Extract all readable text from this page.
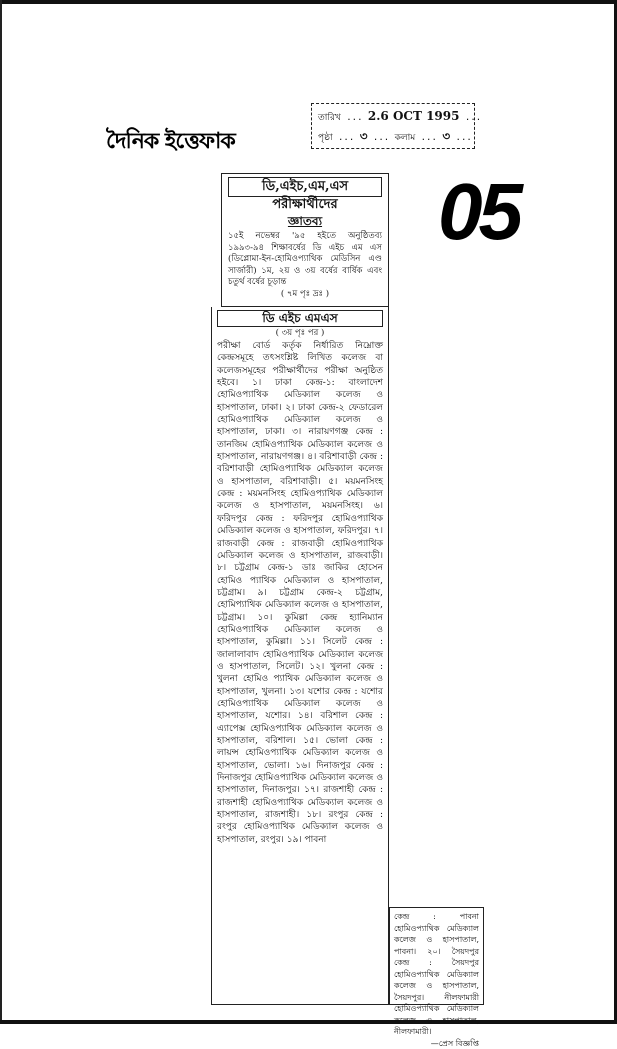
দৈনিক ইত্তেফাক
তারিখ ... 2.6 OCT 1995 ...
পৃষ্ঠা ... ৩ ... কলাম ... ৩ ...
05
ডি,এইচ,এম,এস
পরীক্ষার্থীদের
জ্ঞাতব্য
১৫ই নভেম্বর '৯৫ হইতে অনুষ্ঠিতব্য ১৯৯৩-৯৪ শিক্ষাবর্ষের ডি এইচ এম এস (ডিপ্লোমা-ইন-হোমিওপ্যাথিক মেডিসিন এণ্ড সার্জারী) ১ম, ২য় ও ৩য় বর্ষের বার্ষিক এবং চতুর্থ বর্ষের চূড়ান্ত
( ৭ম পৃঃ দ্রঃ )
ডি এইচ এমএস
( ৩য় পৃঃ পর )
পরীক্ষা বোর্ড কর্তৃক নির্ধারিত নিম্নোক্ত কেন্দ্রসমূহে তৎসংশ্লিষ্ট লিখিত কলেজ বা কলেজসমূহের পরীক্ষার্থীদের পরীক্ষা অনুষ্ঠিত হইবে। ১। ঢাকা কেন্দ্র-১: বাংলাদেশ হোমিওপ্যাথিক মেডিক্যাল কলেজ ও হাসপাতাল, ঢাকা। ২। ঢাকা কেন্দ্র-২ ফেডারেল হোমিওপ্যাথিক মেডিক্যাল কলেজ ও হাসপাতাল, ঢাকা। ৩। নারায়ণগঞ্জ কেন্দ্র : তানজিম হোমিওপ্যাথিক মেডিক্যাল কলেজ ও হাসপাতাল, নারায়ণগঞ্জ। ৪। বরিশাবাড়ী কেন্দ্র : বরিশাবাড়ী হোমিওপ্যাথিক মেডিক্যাল কলেজ ও হাসপাতাল, বরিশাবাড়ী। ৫। ময়মনসিংহ কেন্দ্র : ময়মনসিংহ হোমিওপ্যাথিক মেডিক্যাল কলেজ ও হাসপাতাল, ময়মনসিংহ। ৬। ফরিদপুর কেন্দ্র : ফরিদপুর হোমিওপ্যাথিক মেডিক্যাল কলেজ ও হাসপাতাল, ফরিদপুর। ৭। রাজবাড়ী কেন্দ্র : রাজবাড়ী হোমিওপ্যাথিক মেডিক্যাল কলেজ ও হাসপাতাল, রাজবাড়ী। ৮। চট্টগ্রাম কেন্দ্র-১ ডাঃ জাকির হোসেন হোমিও প্যাথিক মেডিক্যাল ও হাসপাতাল, চট্টগ্রাম। ৯। চট্টগ্রাম কেন্দ্র-২ চট্টগ্রাম, হোমিপ্যাথিক মেডিক্যাল কলেজ ও হাসপাতাল, চট্টগ্রাম। ১০। কুমিল্লা কেন্দ্র হ্যানিম্যান হোমিওপ্যাথিক মেডিক্যাল কলেজ ও হাসপাতাল, কুমিল্লা। ১১। সিলেট কেন্দ্র : জালালাবাদ হোমিওপ্যাথিক মেডিক্যাল কলেজ ও হাসপাতাল, সিলেট। ১২। খুলনা কেন্দ্র : খুলনা হোমিও প্যাথিক মেডিক্যাল কলেজ ও হাসপাতাল, খুলনা। ১৩। যশোর কেন্দ্র : যশোর হোমিওপ্যাথিক মেডিক্যাল কলেজ ও হাসপাতাল, যশোর। ১৪। বরিশাল কেন্দ্র : এ্যাপেক্স হোমিওপ্যাথিক মেডিক্যাল কলেজ ও হাসপাতাল, বরিশাল। ১৫। ভোলা কেন্দ্র : লায়ন্স হোমিওপ্যাথিক মেডিক্যাল কলেজ ও হাসপাতাল, ভোলা। ১৬। দিনাজপুর কেন্দ্র : দিনাজপুর হোমিওপ্যাথিক মেডিক্যাল কলেজ ও হাসপাতাল, দিনাজপুর। ১৭। রাজশাহী কেন্দ্র : রাজশাহী হোমিওপ্যাথিক মেডিক্যাল কলেজ ও হাসপাতাল, রাজশাহী। ১৮। রংপুর কেন্দ্র : রংপুর হোমিওপ্যাথিক মেডিক্যাল কলেজ ও হাসপাতাল, রংপুর। ১৯। পাবনা
কেন্দ্র : পাবনা হোমিওপ্যাথিক মেডিক্যাল কলেজ ও হাসপাতাল, পাবনা। ২০। সৈয়দপুর কেন্দ্র : সৈয়দপুর হোমিওপ্যাথিক মেডিক্যাল কলেজ ও হাসপাতাল, সৈয়দপুর। নীলফামারী হোমিওপ্যাথিক মেডিক্যাল কলেজ ও হাসপাতাল, নীলফামারী।
—প্রেস বিজ্ঞপ্তি
